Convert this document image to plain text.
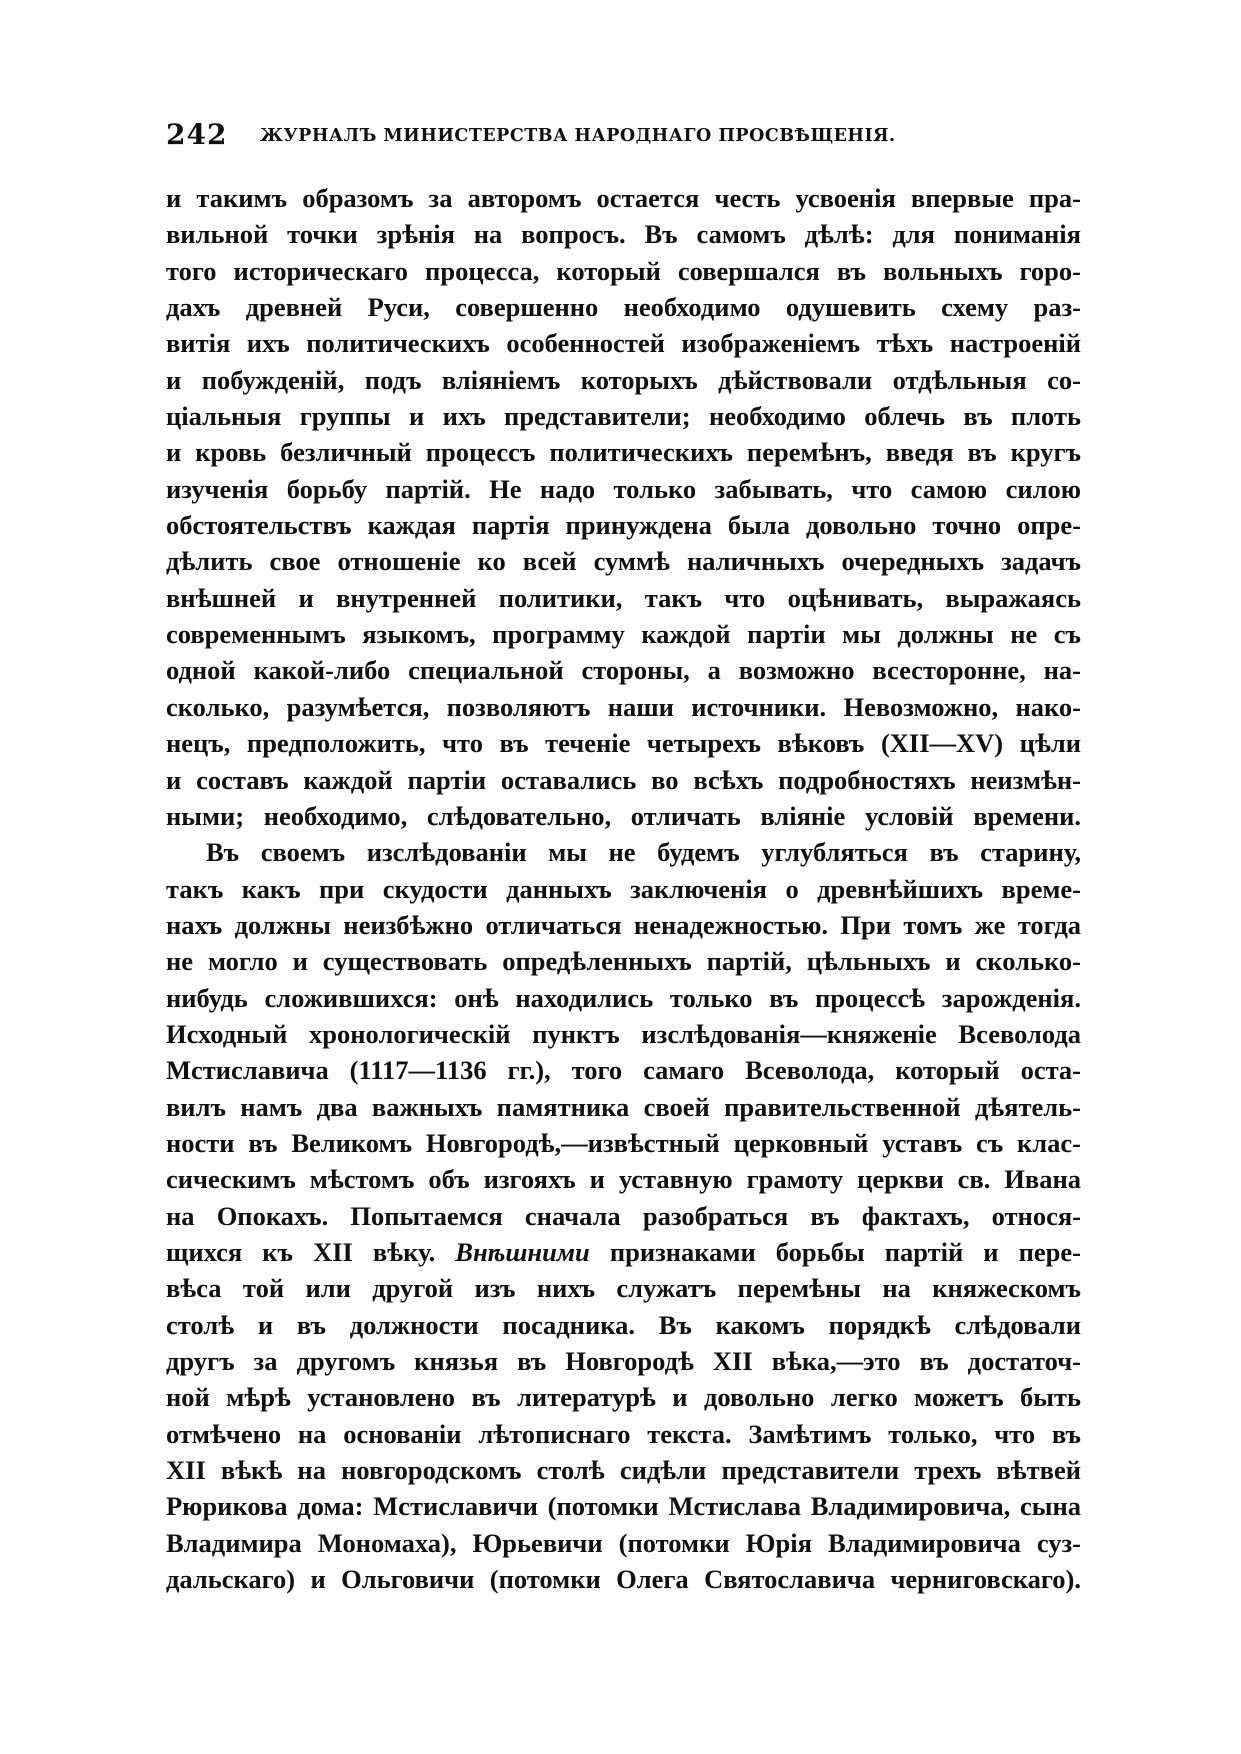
242 ЖУРНАЛЪ МИНИСТЕРСТВА НАРОДНАГО ПРОСВѢЩЕНІЯ.
и такимъ образомъ за авторомъ остается честь усвоенія впервые пра-
вильной точки зрѣнія на вопросъ. Въ самомъ дѣлѣ: для пониманія
того историческаго процесса, который совершался въ вольныхъ горо-
дахъ древней Руси, совершенно необходимо одушевить схему раз-
витія ихъ политическихъ особенностей изображеніемъ тѣхъ настроеній
и побужденій, подъ вліяніемъ которыхъ дѣйствовали отдѣльныя со-
ціальныя группы и ихъ представители; необходимо облечь въ плоть
и кровь безличный процессъ политическихъ перемѣнъ, введя въ кругъ
изученія борьбу партій. Не надо только забывать, что самою силою
обстоятельствъ каждая партія принуждена была довольно точно опре-
дѣлить свое отношеніе ко всей суммѣ наличныхъ очередныхъ задачъ
внѣшней и внутренней политики, такъ что оцѣнивать, выражаясь
современнымъ языкомъ, программу каждой партіи мы должны не съ
одной какой-либо специальной стороны, а возможно всесторонне, на-
сколько, разумѣется, позволяютъ наши источники. Невозможно, нако-
нецъ, предположить, что въ теченіе четырехъ вѣковъ (XII—XV) цѣли
и составъ каждой партіи оставались во всѣхъ подробностяхъ неизмѣн-
ными; необходимо, слѣдовательно, отличать вліяніе условій времени.
Въ своемъ изслѣдованіи мы не будемъ углубляться въ старину,
такъ какъ при скудости данныхъ заключенія о древнѣйшихъ време-
нахъ должны неизбѣжно отличаться ненадежностью. При томъ же тогда
не могло и существовать опредѣленныхъ партій, цѣльныхъ и сколько-
нибудь сложившихся: онѣ находились только въ процессѣ зарожденія.
Исходный хронологическій пунктъ изслѣдованія—княженіе Всеволода
Мстиславича (1117—1136 гг.), того самаго Всеволода, который оста-
вилъ намъ два важныхъ памятника своей правительственной дѣятель-
ности въ Великомъ Новгородѣ,—извѣстный церковный уставъ съ клас-
сическимъ мѣстомъ объ изгояхъ и уставную грамоту церкви св. Ивана
на Опокахъ. Попытаемся сначала разобраться въ фактахъ, относя-
щихся къ XII вѣку. Внѣшними признаками борьбы партій и пере-
вѣса той или другой изъ нихъ служатъ перемѣны на княжескомъ
столѣ и въ должности посадника. Въ какомъ порядкѣ слѣдовали
другъ за другомъ князья въ Новгородѣ XII вѣка,—это въ достаточ-
ной мѣрѣ установлено въ литературѣ и довольно легко можетъ быть
отмѣчено на основаніи лѣтописнаго текста. Замѣтимъ только, что въ
XII вѣкѣ на новгородскомъ столѣ сидѣли представители трехъ вѣтвей
Рюрикова дома: Мстиславичи (потомки Мстислава Владимировича, сына
Владимира Мономаха), Юрьевичи (потомки Юрія Владимировича суз-
дальскаго) и Ольговичи (потомки Олега Святославича черниговскаго).
